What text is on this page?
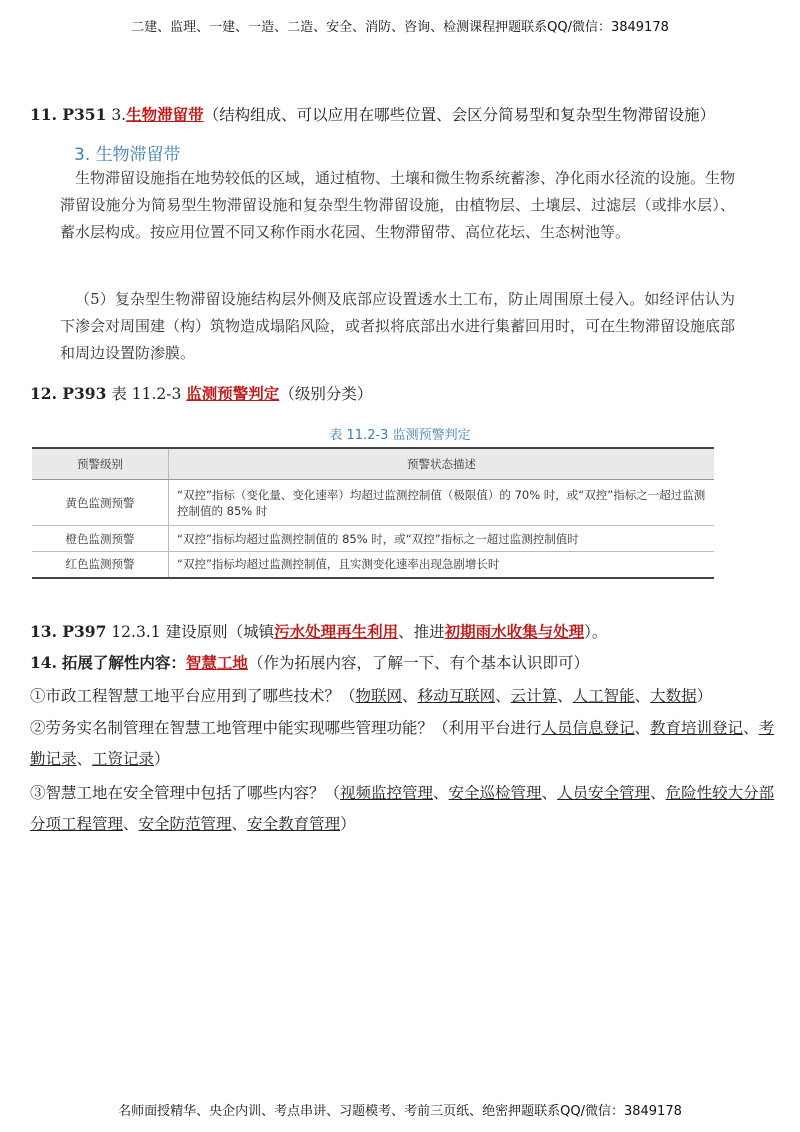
二建、监理、一建、一造、二造、安全、消防、咨询、检测课程押题联系QQ/微信：3849178
11. P351 3.生物滞留带（结构组成、可以应用在哪些位置、会区分简易型和复杂型生物滞留设施）
3. 生物滞留带
生物滞留设施指在地势较低的区域，通过植物、土壤和微生物系统蓄渗、净化雨水径流的设施。生物滞留设施分为简易型生物滞留设施和复杂型生物滞留设施，由植物层、土壤层、过滤层（或排水层）、蓄水层构成。按应用位置不同又称作雨水花园、生物滞留带、高位花坛、生态树池等。
（5）复杂型生物滞留设施结构层外侧及底部应设置透水土工布，防止周围原土侵入。如经评估认为下渗会对周围建（构）筑物造成塌陷风险，或者拟将底部出水进行集蓄回用时，可在生物滞留设施底部和周边设置防渗膜。
12. P393 表 11.2-3 监测预警判定（级别分类）
表 11.2-3 监测预警判定
预警级别	预警状态描述
黄色监测预警	“双控”指标（变化量、变化速率）均超过监测控制值（极限值）的 70% 时，或“双控”指标之一超过监测控制值的 85% 时
橙色监测预警	“双控”指标均超过监测控制值的 85% 时，或“双控”指标之一超过监测控制值时
红色监测预警	“双控”指标均超过监测控制值，且实测变化速率出现急剧增长时
13. P397 12.3.1 建设原则（城镇污水处理再生利用、推进初期雨水收集与处理）。
14. 拓展了解性内容：智慧工地（作为拓展内容，了解一下、有个基本认识即可）
①市政工程智慧工地平台应用到了哪些技术？（物联网、移动互联网、云计算、人工智能、大数据）
②劳务实名制管理在智慧工地管理中能实现哪些管理功能？（利用平台进行人员信息登记、教育培训登记、考勤记录、工资记录）
③智慧工地在安全管理中包括了哪些内容？（视频监控管理、安全巡检管理、人员安全管理、危险性较大分部分项工程管理、安全防范管理、安全教育管理）
名师面授精华、央企内训、考点串讲、习题模考、考前三页纸、绝密押题联系QQ/微信：3849178
